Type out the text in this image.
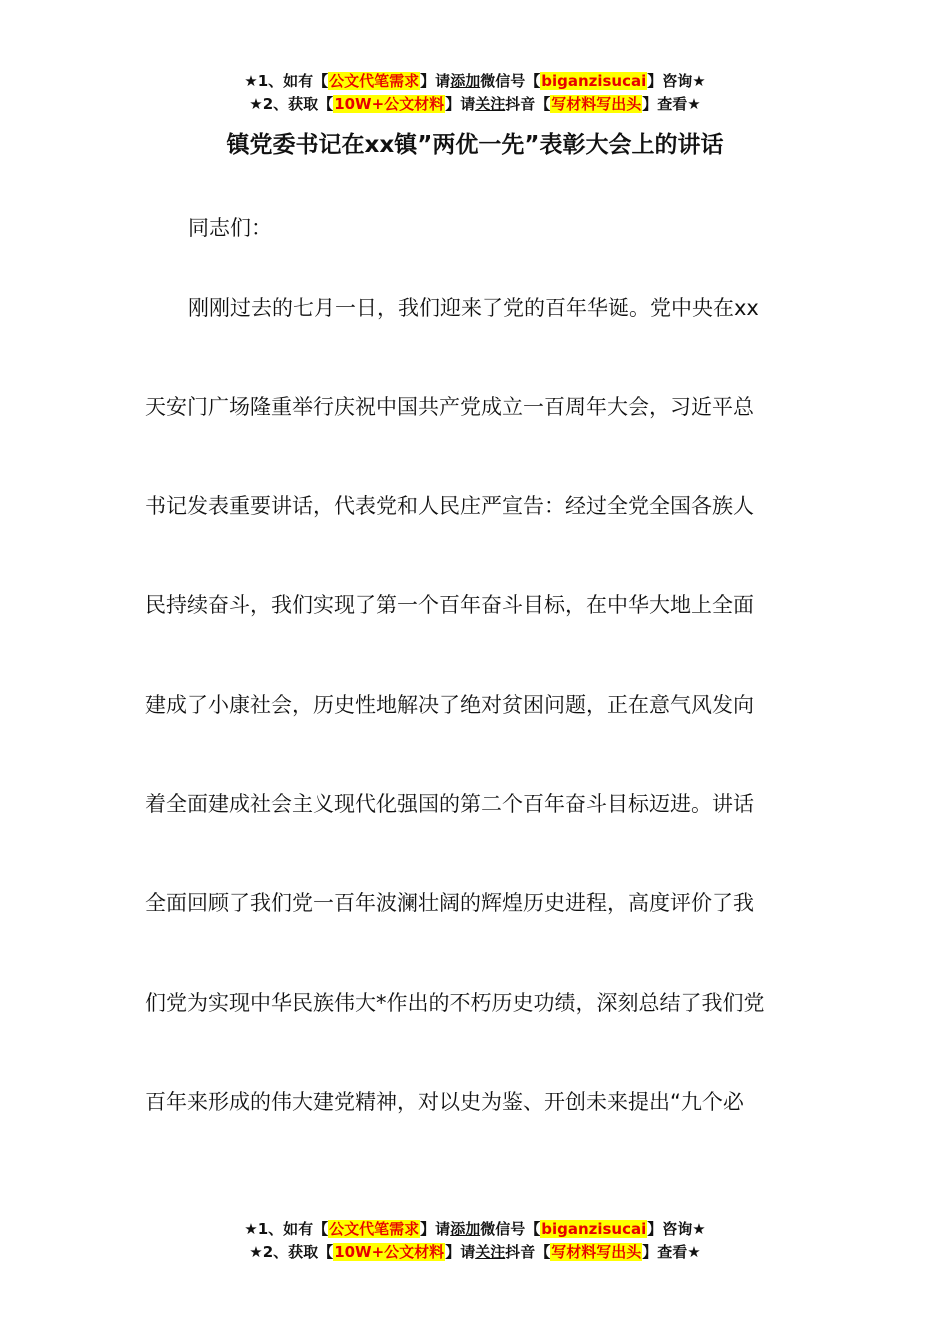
★1、如有【公文代笔需求】请添加微信号【biganzisucai】咨询★
★2、获取【10W+公文材料】请关注抖音【写材料写出头】查看★
镇党委书记在xx镇”两优一先”表彰大会上的讲话
同志们：
刚刚过去的七月一日，我们迎来了党的百年华诞。党中央在xx
天安门广场隆重举行庆祝中国共产党成立一百周年大会，习近平总
书记发表重要讲话，代表党和人民庄严宣告：经过全党全国各族人
民持续奋斗，我们实现了第一个百年奋斗目标，在中华大地上全面
建成了小康社会，历史性地解决了绝对贫困问题，正在意气风发向
着全面建成社会主义现代化强国的第二个百年奋斗目标迈进。讲话
全面回顾了我们党一百年波澜壮阔的辉煌历史进程，高度评价了我
们党为实现中华民族伟大*作出的不朽历史功绩，深刻总结了我们党
百年来形成的伟大建党精神，对以史为鉴、开创未来提出“九个必
★1、如有【公文代笔需求】请添加微信号【biganzisucai】咨询★
★2、获取【10W+公文材料】请关注抖音【写材料写出头】查看★
